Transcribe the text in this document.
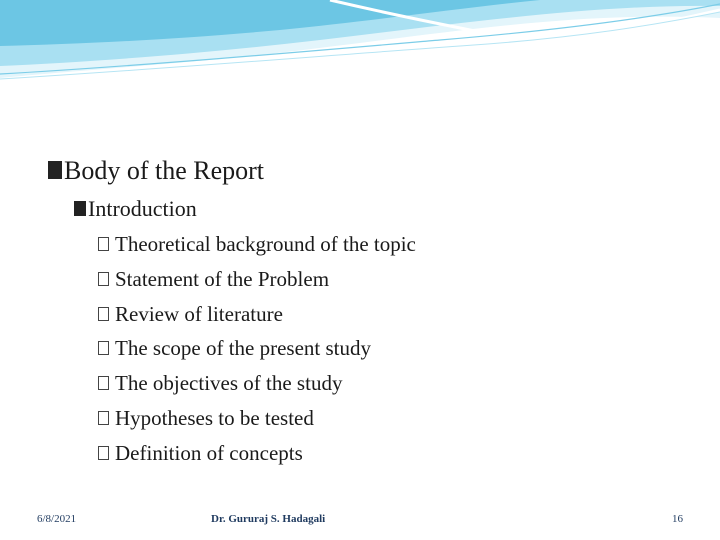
Body of the Report
Introduction
Theoretical background of the topic
Statement of the Problem
Review of literature
The scope of the present study
The objectives of the study
Hypotheses to be tested
Definition of concepts
6/8/2021	Dr. Gururaj S. Hadagali	16
